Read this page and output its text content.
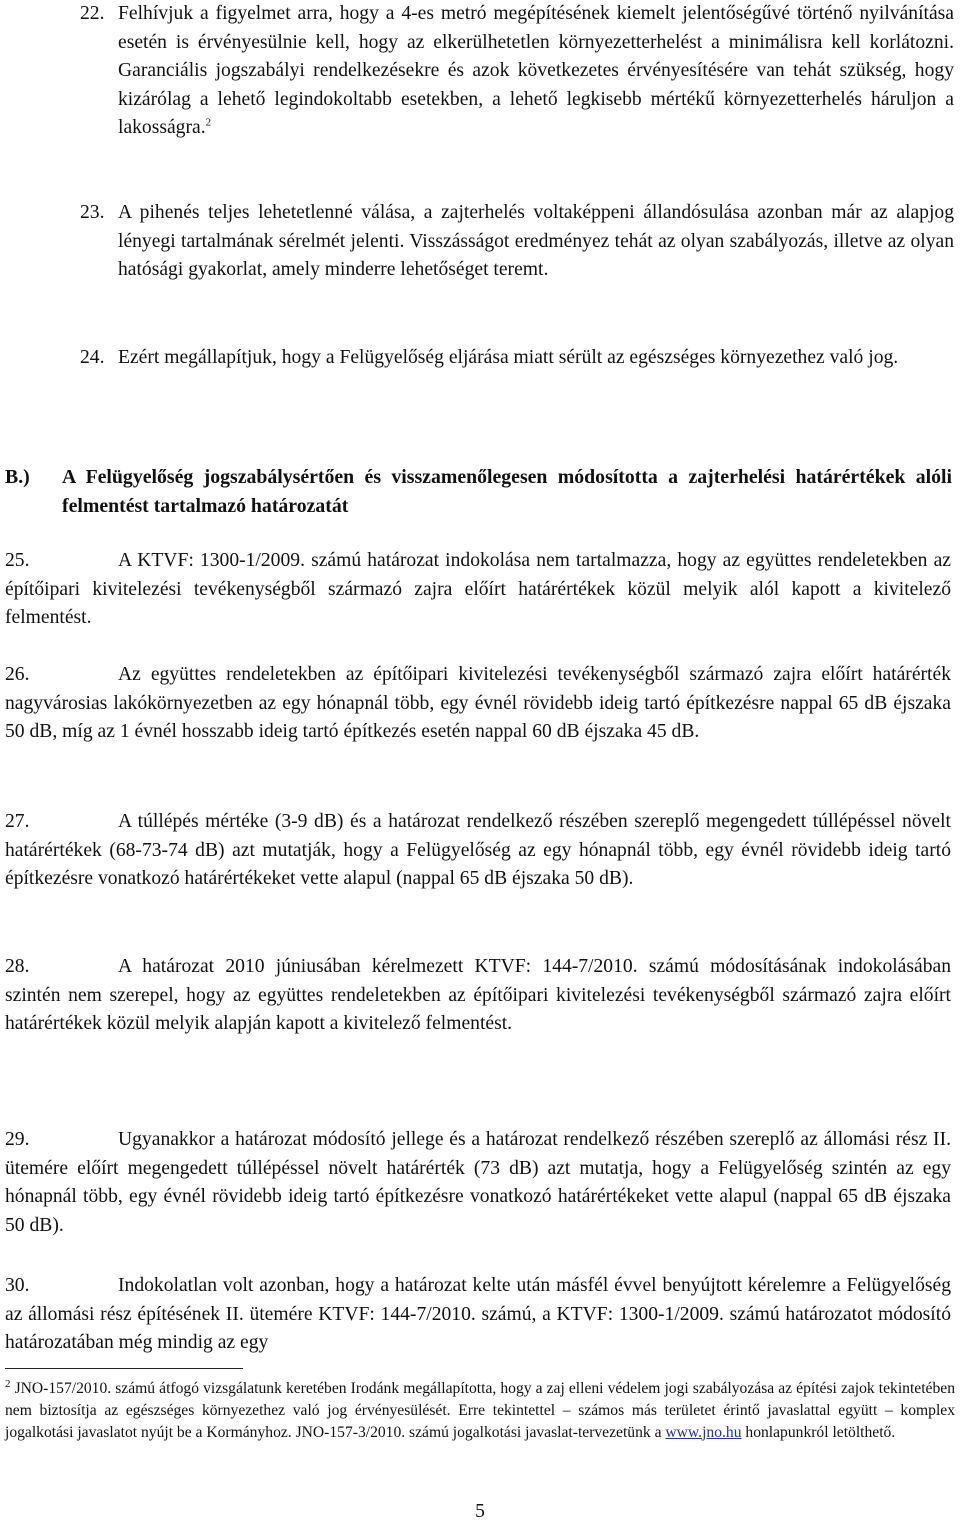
22. Felhívjuk a figyelmet arra, hogy a 4-es metró megépítésének kiemelt jelentőségűvé történő nyilvánítása esetén is érvényesülnie kell, hogy az elkerülhetetlen környezetterhelést a minimálisra kell korlátozni. Garanciális jogszabályi rendelkezésekre és azok következetes érvényesítésére van tehát szükség, hogy kizárólag a lehető legindokoltabb esetekben, a lehető legkisebb mértékű környezetterhelés háruljon a lakosságra.$^2$
23. A pihenés teljes lehetetlenné válása, a zajterhelés voltaképpeni állandósulása azonban már az alapjog lényegi tartalmának sérelmét jelenti. Visszásságot eredményez tehát az olyan szabályozás, illetve az olyan hatósági gyakorlat, amely minderre lehetőséget teremt.
24. Ezért megállapítjuk, hogy a Felügyelőség eljárása miatt sérült az egészséges környezethez való jog.
B.) A Felügyelőség jogszabálysértően és visszamenőlegesen módosította a zajterhelési határértékek alóli felmentést tartalmazó határozatát
25.	A KTVF: 1300-1/2009. számú határozat indokolása nem tartalmazza, hogy az együttes rendeletekben az építőipari kivitelezési tevékenységből származó zajra előírt határértékek közül melyik alól kapott a kivitelező felmentést.
26.	Az együttes rendeletekben az építőipari kivitelezési tevékenységből származó zajra előírt határérték nagyvárosias lakókörnyezetben az egy hónapnál több, egy évnél rövidebb ideig tartó építkezésre nappal 65 dB éjszaka 50 dB, míg az 1 évnél hosszabb ideig tartó építkezés esetén nappal 60 dB éjszaka 45 dB.
27.	A túllépés mértéke (3-9 dB) és a határozat rendelkező részében szereplő megengedett túllépéssel növelt határértékek (68-73-74 dB) azt mutatják, hogy a Felügyelőség az egy hónapnál több, egy évnél rövidebb ideig tartó építkezésre vonatkozó határértékeket vette alapul (nappal 65 dB éjszaka 50 dB).
28.	A határozat 2010 júniusában kérelmezett KTVF: 144-7/2010. számú módosításának indokolásában szintén nem szerepel, hogy az együttes rendeletekben az építőipari kivitelezési tevékenységből származó zajra előírt határértékek közül melyik alapján kapott a kivitelező felmentést.
29.	Ugyanakkor a határozat módosító jellege és a határozat rendelkező részében szereplő az állomási rész II. ütemére előírt megengedett túllépéssel növelt határérték (73 dB) azt mutatja, hogy a Felügyelőség szintén az egy hónapnál több, egy évnél rövidebb ideig tartó építkezésre vonatkozó határértékeket vette alapul (nappal 65 dB éjszaka 50 dB).
30.	Indokolatlan volt azonban, hogy a határozat kelte után másfél évvel benyújtott kérelemre a Felügyelőség az állomási rész építésének II. ütemére KTVF: 144-7/2010. számú, a KTVF: 1300-1/2009. számú határozatot módosító határozatában még mindig az egy
$^2$ JNO-157/2010. számú átfogó vizsgálatunk keretében Irodánk megállapította, hogy a zaj elleni védelem jogi szabályozása az építési zajok tekintetében nem biztosítja az egészséges környezethez való jog érvényesülését. Erre tekintettel – számos más területet érintő javaslattal együtt – komplex jogalkotási javaslatot nyújt be a Kormányhoz. JNO-157-3/2010. számú jogalkotási javaslat-tervezetünk a www.jno.hu honlapunkról letölthető.
5
